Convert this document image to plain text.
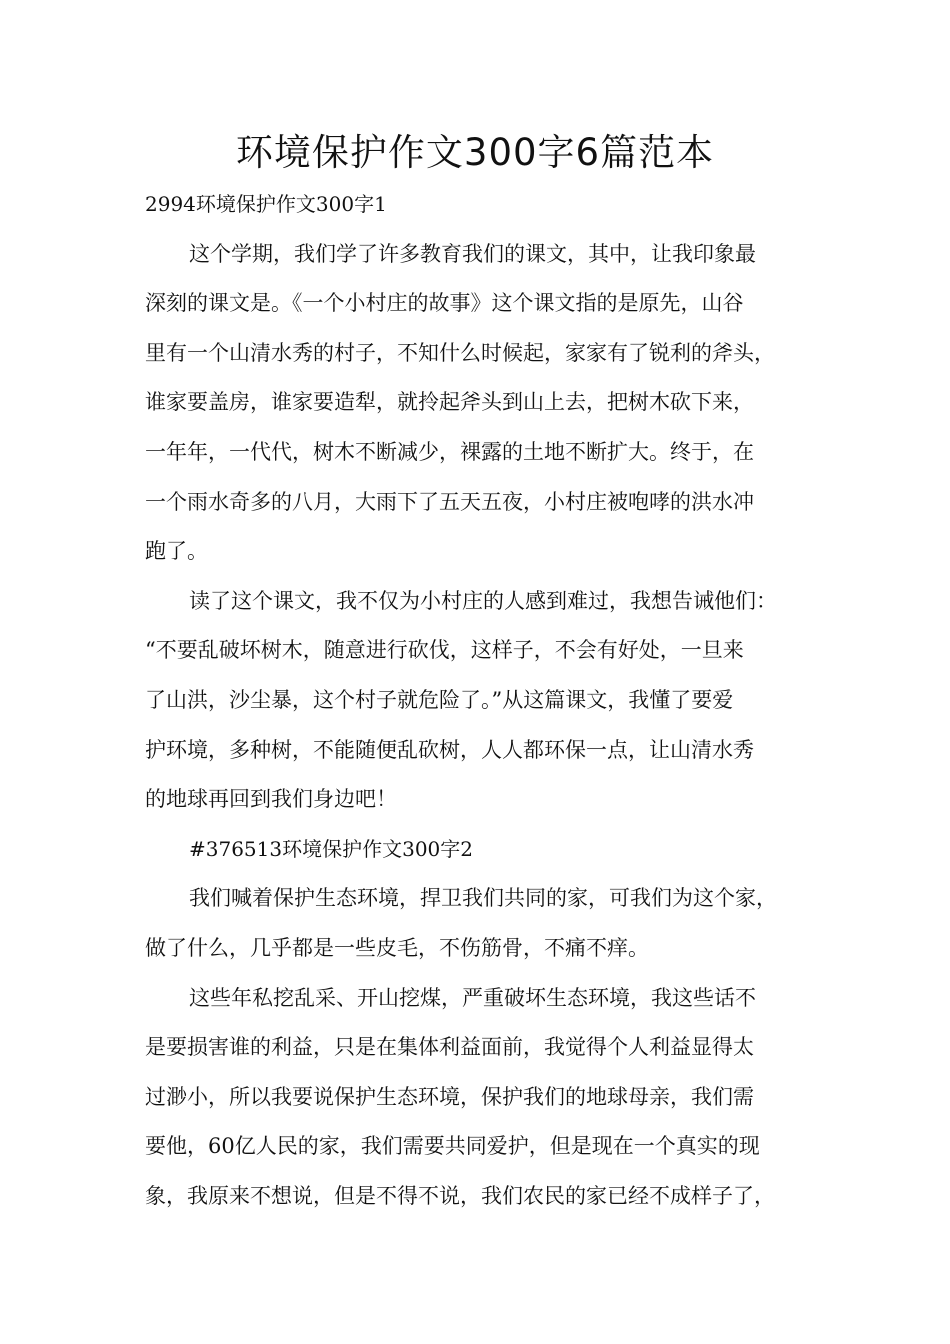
环境保护作文300字6篇范本
2994环境保护作文300字1
这个学期，我们学了许多教育我们的课文，其中，让我印象最
深刻的课文是。《一个小村庄的故事》这个课文指的是原先，山谷
里有一个山清水秀的村子，不知什么时候起，家家有了锐利的斧头，
谁家要盖房，谁家要造犁，就拎起斧头到山上去，把树木砍下来，
一年年，一代代，树木不断减少，裸露的土地不断扩大。终于，在
一个雨水奇多的八月，大雨下了五天五夜，小村庄被咆哮的洪水冲
跑了。
读了这个课文，我不仅为小村庄的人感到难过，我想告诫他们：
“不要乱破坏树木，随意进行砍伐，这样子，不会有好处，一旦来
了山洪，沙尘暴，这个村子就危险了。”从这篇课文，我懂了要爱
护环境，多种树，不能随便乱砍树，人人都环保一点，让山清水秀
的地球再回到我们身边吧！
#376513环境保护作文300字2
我们喊着保护生态环境，捍卫我们共同的家，可我们为这个家，
做了什么，几乎都是一些皮毛，不伤筋骨，不痛不痒。
这些年私挖乱采、开山挖煤，严重破坏生态环境，我这些话不
是要损害谁的利益，只是在集体利益面前，我觉得个人利益显得太
过渺小，所以我要说保护生态环境，保护我们的地球母亲，我们需
要他，60亿人民的家，我们需要共同爱护，但是现在一个真实的现
象，我原来不想说，但是不得不说，我们农民的家已经不成样子了，
